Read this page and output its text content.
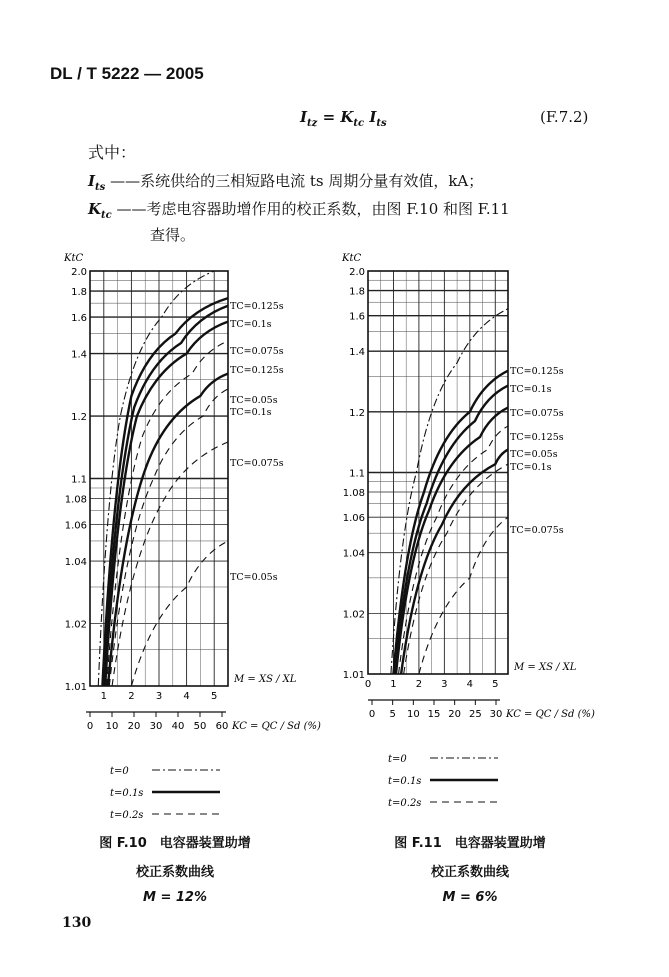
DL / T 5222 — 2005
$I_{tz} = K_{tc}$ $I_{ts}$	(F.7.2)
式中：
$I_{ts}$ ——系统供给的三相短路电流 ts 周期分量有效值，kA；
$K_{tc}$ ——考虑电容器助增作用的校正系数，由图 F.10 和图 F.11
查得。
1.01
1.02
1.04
1.06
1.08
1.1
1.2
1.4
1.6
1.8
2.0
1 2 3 4 5
KtC
TC=0.125s
TC=0.1s
TC=0.075s
TC=0.125s
TC=0.05s
TC=0.1s
TC=0.075s
TC=0.05s
M = XS / XL
0 10 20 30 40 50 60 KC = QC / Sd (%)
t=0
t=0.1s
t=0.2s
1.01
1.02
1.04
1.06
1.08
1.1
1.2
1.4
1.6
1.8
2.0
0 1 2 3 4 5
KtC
TC=0.125s
TC=0.1s
TC=0.075s
TC=0.125s
TC=0.05s
TC=0.1s
TC=0.075s
M = XS / XL
0 5 10 15 20 25 30 KC = QC / Sd (%)
t=0
t=0.1s
t=0.2s
图 F.10　电容器装置助增
校正系数曲线
M = 12%
图 F.11　电容器装置助增
校正系数曲线
M = 6%
130
